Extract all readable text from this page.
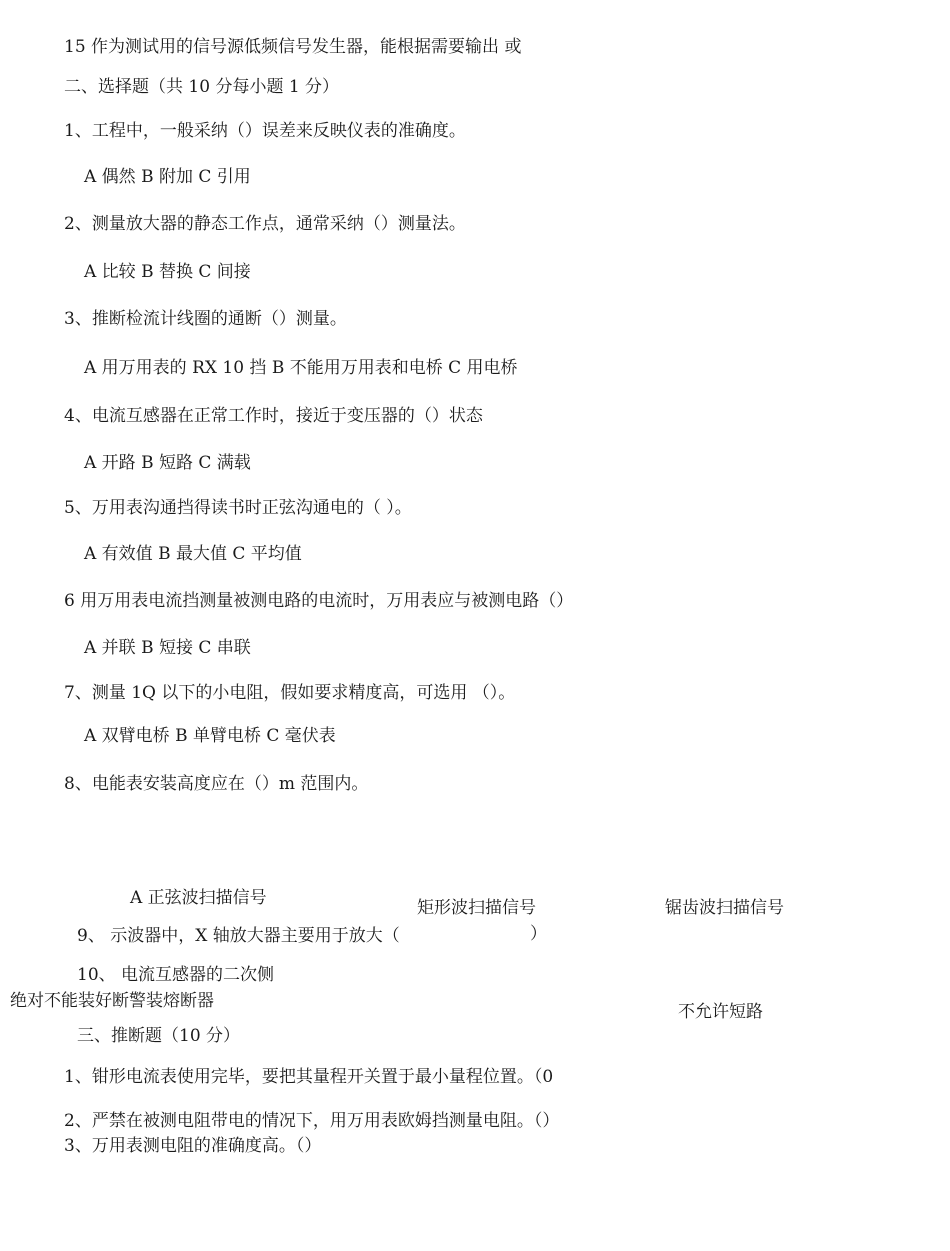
15 作为测试用的信号源低频信号发生器，能根据需要输出 或
二、选择题（共 10 分每小题 1 分）
1、工程中，一般采纳（）误差来反映仪表的准确度。
A 偶然 B 附加 C 引用
2、测量放大器的静态工作点，通常采纳（）测量法。
A 比较 B 替换 C 间接
3、推断检流计线圈的通断（）测量。
A 用万用表的 RX 10 挡 B 不能用万用表和电桥 C 用电桥
4、电流互感器在正常工作时，接近于变压器的（）状态
A 开路 B 短路 C 满载
5、万用表沟通挡得读书时正弦沟通电的（ ）。
A 有效值 B 最大值 C 平均值
6 用万用表电流挡测量被测电路的电流时，万用表应与被测电路（）
A 并联 B 短接 C 串联
7、测量 1Q 以下的小电阻，假如要求精度高，可选用 （）。
A 双臂电桥 B 单臂电桥 C 毫伏表
8、电能表安装高度应在（）m 范围内。
A 正弦波扫描信号	矩形波扫描信号	锯齿波扫描信号
9、 示波器中，X 轴放大器主要用于放大（	）
10、 电流互感器的二次侧
绝对不能装好断警装熔断器
不允许短路
三、推断题（10 分）
1、钳形电流表使用完毕，要把其量程开关置于最小量程位置。（0
2、严禁在被测电阻带电的情况下，用万用表欧姆挡测量电阻。（）
3、万用表测电阻的准确度高。（）
